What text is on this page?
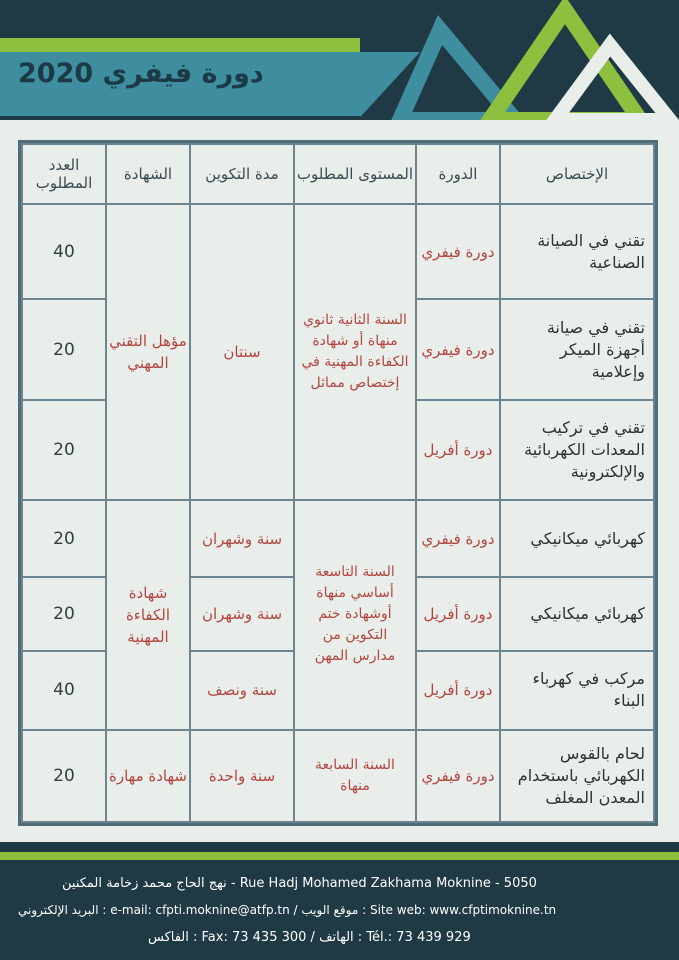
دورة فيفري 2020
الإختصاص	الدورة	المستوى المطلوب	مدة التكوين	الشهادة	العدد المطلوب
تقني في الصيانة الصناعية	دورة فيفري	السنة الثانية ثانوي منهاة أو شهادة الكفاءة المهنية في إختصاص مماثل	سنتان	مؤهل التقني المهني	40
تقني في صيانة أجهزة الميكر وإعلامية	دورة فيفري				20
تقني في تركيب المعدات الكهربائية والإلكترونية	دورة أفريل				20
كهربائي ميكانيكي	دورة فيفري	السنة التاسعة أساسي منهاة أوشهادة ختم التكوين من مدارس المهن	سنة وشهران	شهادة الكفاءة المهنية	20
كهربائي ميكانيكي	دورة أفريل		سنة وشهران		20
مركب في كهرباء البناء	دورة أفريل		سنة ونصف		40
لحام بالقوس الكهربائي باستخدام المعدن المغلف	دورة فيفري	السنة السابعة منهاة	سنة واحدة	شهادة مهارة	20
نهج الحاج محمد زخامة المكنين - Rue Hadj Mohamed Zakhama Moknine - 5050
البريد الإلكتروني : e-mail: cfpti.moknine@atfp.tn / موقع الويب : Site web: www.cfptimoknine.tn
الفاكس : Fax: 73 435 300 / الهاتف : Tél.: 73 439 929
